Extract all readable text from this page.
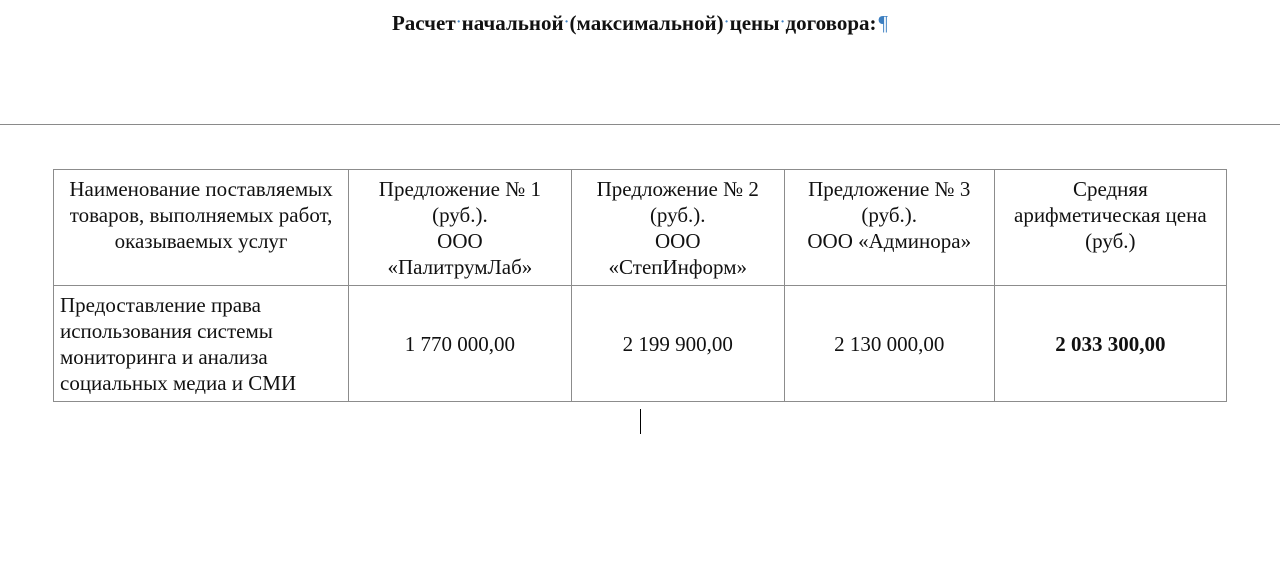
Расчет·начальной·(максимальной)·цены·договора:¶
Наименование поставляемых
товаров, выполняемых работ,
оказываемых услуг	Предложение № 1
(руб.).
ООО
«ПалитрумЛаб»	Предложение № 2
(руб.).
ООО
«СтепИнформ»	Предложение № 3
(руб.).
ООО «Админора»	Средняя
арифметическая цена
(руб.)

Предоставление права
использования системы
мониторинга и анализа
социальных медиа и СМИ	1 770 000,00	2 199 900,00	2 130 000,00	2 033 300,00
